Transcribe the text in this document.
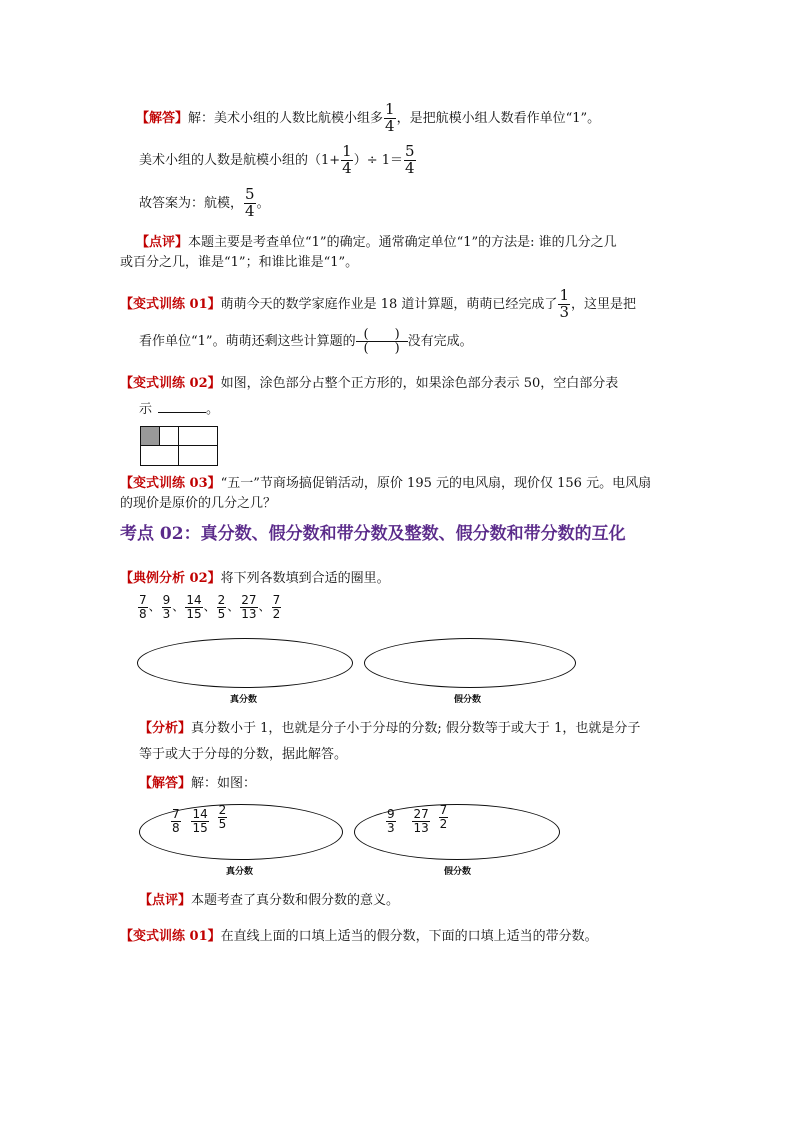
【解答】解：美术小组的人数比航模小组多 $\frac{1}{4}$ ，是把航模小组人数看作单位“1”。
美术小组的人数是航模小组的（$1+ \frac{1}{4}$ ）÷ $1= \frac{5}{4}$
故答案为：航模， $\frac{5}{4}$ 。
【点评】本题主要是考查单位“1”的确定。通常确定单位“1”的方法是: 谁的几分之几
或百分之几，谁是“1”；和谁比谁是“1”。
【变式训练 01】萌萌今天的数学家庭作业是 18 道计算题，萌萌已经完成了 $\frac{1}{3}$ ，这里是把
看作单位“1”。萌萌还剩这些计算题的 $\frac{( )}{( )}$ 没有完成。
【变式训练 02】如图，涂色部分占整个正方形的，如果涂色部分表示 50，空白部分表
示	。
【变式训练 03】“五一”节商场搞促销活动，原价 195 元的电风扇，现价仅 156 元。电风扇
的现价是原价的几分之几？
考点 02：真分数、假分数和带分数及整数、假分数和带分数的互化
【典例分析 02】将下列各数填到合适的圈里。
$\frac{7}{8}$ 、 $\frac{9}{3}$ 、 $\frac{14}{15}$ 、 $\frac{2}{5}$ 、 $\frac{27}{13}$ 、 $\frac{7}{2}$
真分数	假分数
【分析】真分数小于 1，也就是分子小于分母的分数; 假分数等于或大于 1，也就是分子
等于或大于分母的分数，据此解答。
【解答】解：如图：
$\frac{7}{8}$
$\frac{14}{15}$
$\frac{2}{5}$
真分数
$\frac{9}{3}$
$\frac{27}{13}$
$\frac{7}{2}$
假分数
【点评】本题考查了真分数和假分数的意义。
【变式训练 01】在直线上面的口填上适当的假分数，下面的口填上适当的带分数。
